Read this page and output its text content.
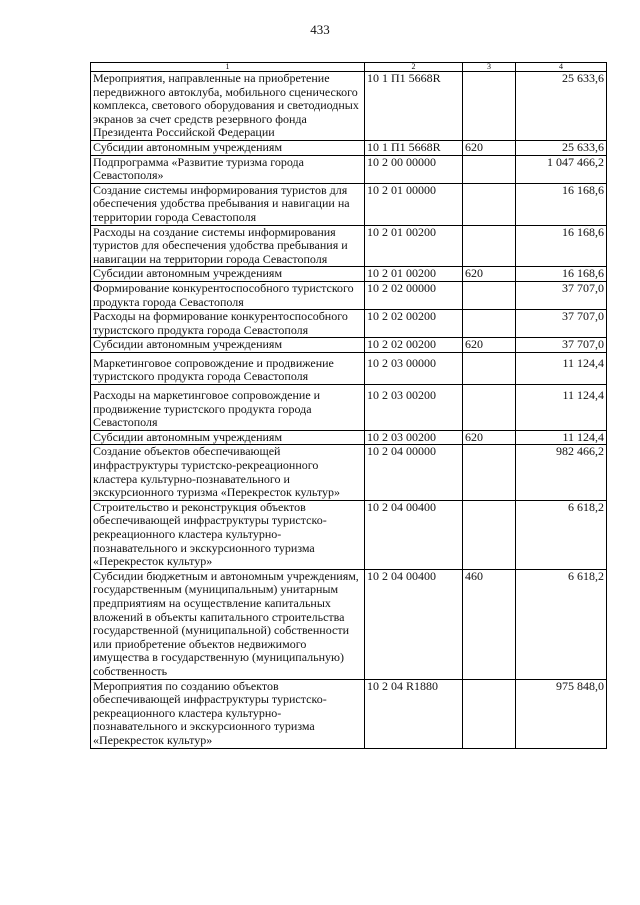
433
1	2	3	4
Мероприятия, направленные на приобретение передвижного автоклуба, мобильного сценического комплекса, светового оборудования и светодиодных экранов за счет средств резервного фонда Президента Российской Федерации	10 1 П1 5668R		25 633,6
Субсидии автономным учреждениям	10 1 П1 5668R	620	25 633,6
Подпрограмма «Развитие туризма города Севастополя»	10 2 00 00000		1 047 466,2
Создание системы информирования туристов для обеспечения удобства пребывания и навигации на территории города Севастополя	10 2 01 00000		16 168,6
Расходы на создание системы информирования туристов для обеспечения удобства пребывания и навигации на территории города Севастополя	10 2 01 00200		16 168,6
Субсидии автономным учреждениям	10 2 01 00200	620	16 168,6
Формирование конкурентоспособного туристского продукта города Севастополя	10 2 02 00000		37 707,0
Расходы на формирование конкурентоспособного туристского продукта города Севастополя	10 2 02 00200		37 707,0
Субсидии автономным учреждениям	10 2 02 00200	620	37 707,0
Маркетинговое сопровождение и продвижение туристского продукта города Севастополя	10 2 03 00000		11 124,4
Расходы на маркетинговое сопровождение и продвижение туристского продукта города Севастополя	10 2 03 00200		11 124,4
Субсидии автономным учреждениям	10 2 03 00200	620	11 124,4
Создание объектов обеспечивающей инфраструктуры туристско-рекреационного кластера культурно-познавательного и экскурсионного туризма «Перекресток культур»	10 2 04 00000		982 466,2
Строительство и реконструкция объектов обеспечивающей инфраструктуры туристско-рекреационного кластера культурно-познавательного и экскурсионного туризма «Перекресток культур»	10 2 04 00400		6 618,2
Субсидии бюджетным и автономным учреждениям, государственным (муниципальным) унитарным предприятиям на осуществление капитальных вложений в объекты капитального строительства государственной (муниципальной) собственности или приобретение объектов недвижимого имущества в государственную (муниципальную) собственность	10 2 04 00400	460	6 618,2
Мероприятия по созданию объектов обеспечивающей инфраструктуры туристско-рекреационного кластера культурно-познавательного и экскурсионного туризма «Перекресток культур»	10 2 04 R1880		975 848,0
